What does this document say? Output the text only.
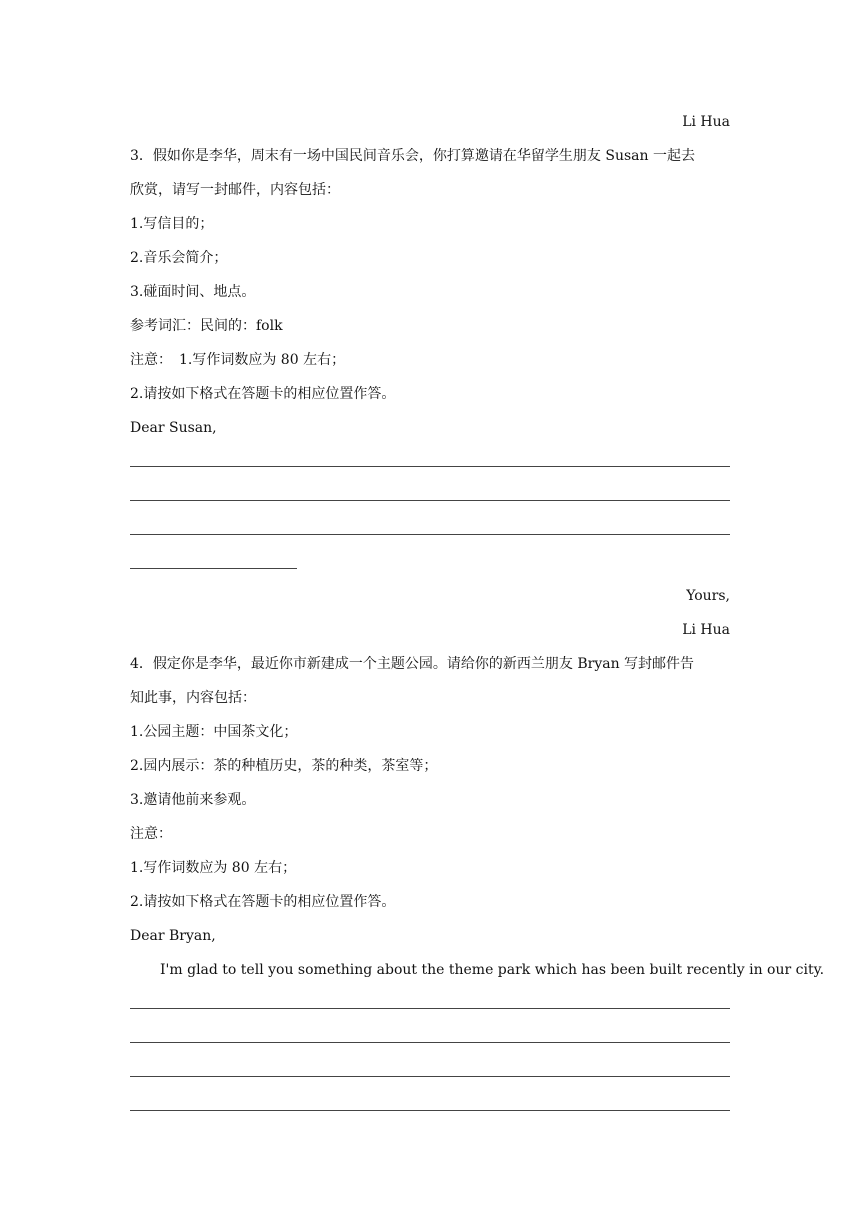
Li Hua
3．假如你是李华，周末有一场中国民间音乐会，你打算邀请在华留学生朋友 Susan 一起去
欣赏，请写一封邮件，内容包括：
1.写信目的；
2.音乐会简介；
3.碰面时间、地点。
参考词汇：民间的：folk
注意：　1.写作词数应为 80 左右；
2.请按如下格式在答题卡的相应位置作答。
Dear Susan,
Yours,
Li Hua
4．假定你是李华，最近你市新建成一个主题公园。请给你的新西兰朋友 Bryan 写封邮件告
知此事，内容包括：
1.公园主题：中国茶文化；
2.园内展示：茶的种植历史，茶的种类，茶室等；
3.邀请他前来参观。
注意：
1.写作词数应为 80 左右；
2.请按如下格式在答题卡的相应位置作答。
Dear Bryan,
I'm glad to tell you something about the theme park which has been built recently in our city.
